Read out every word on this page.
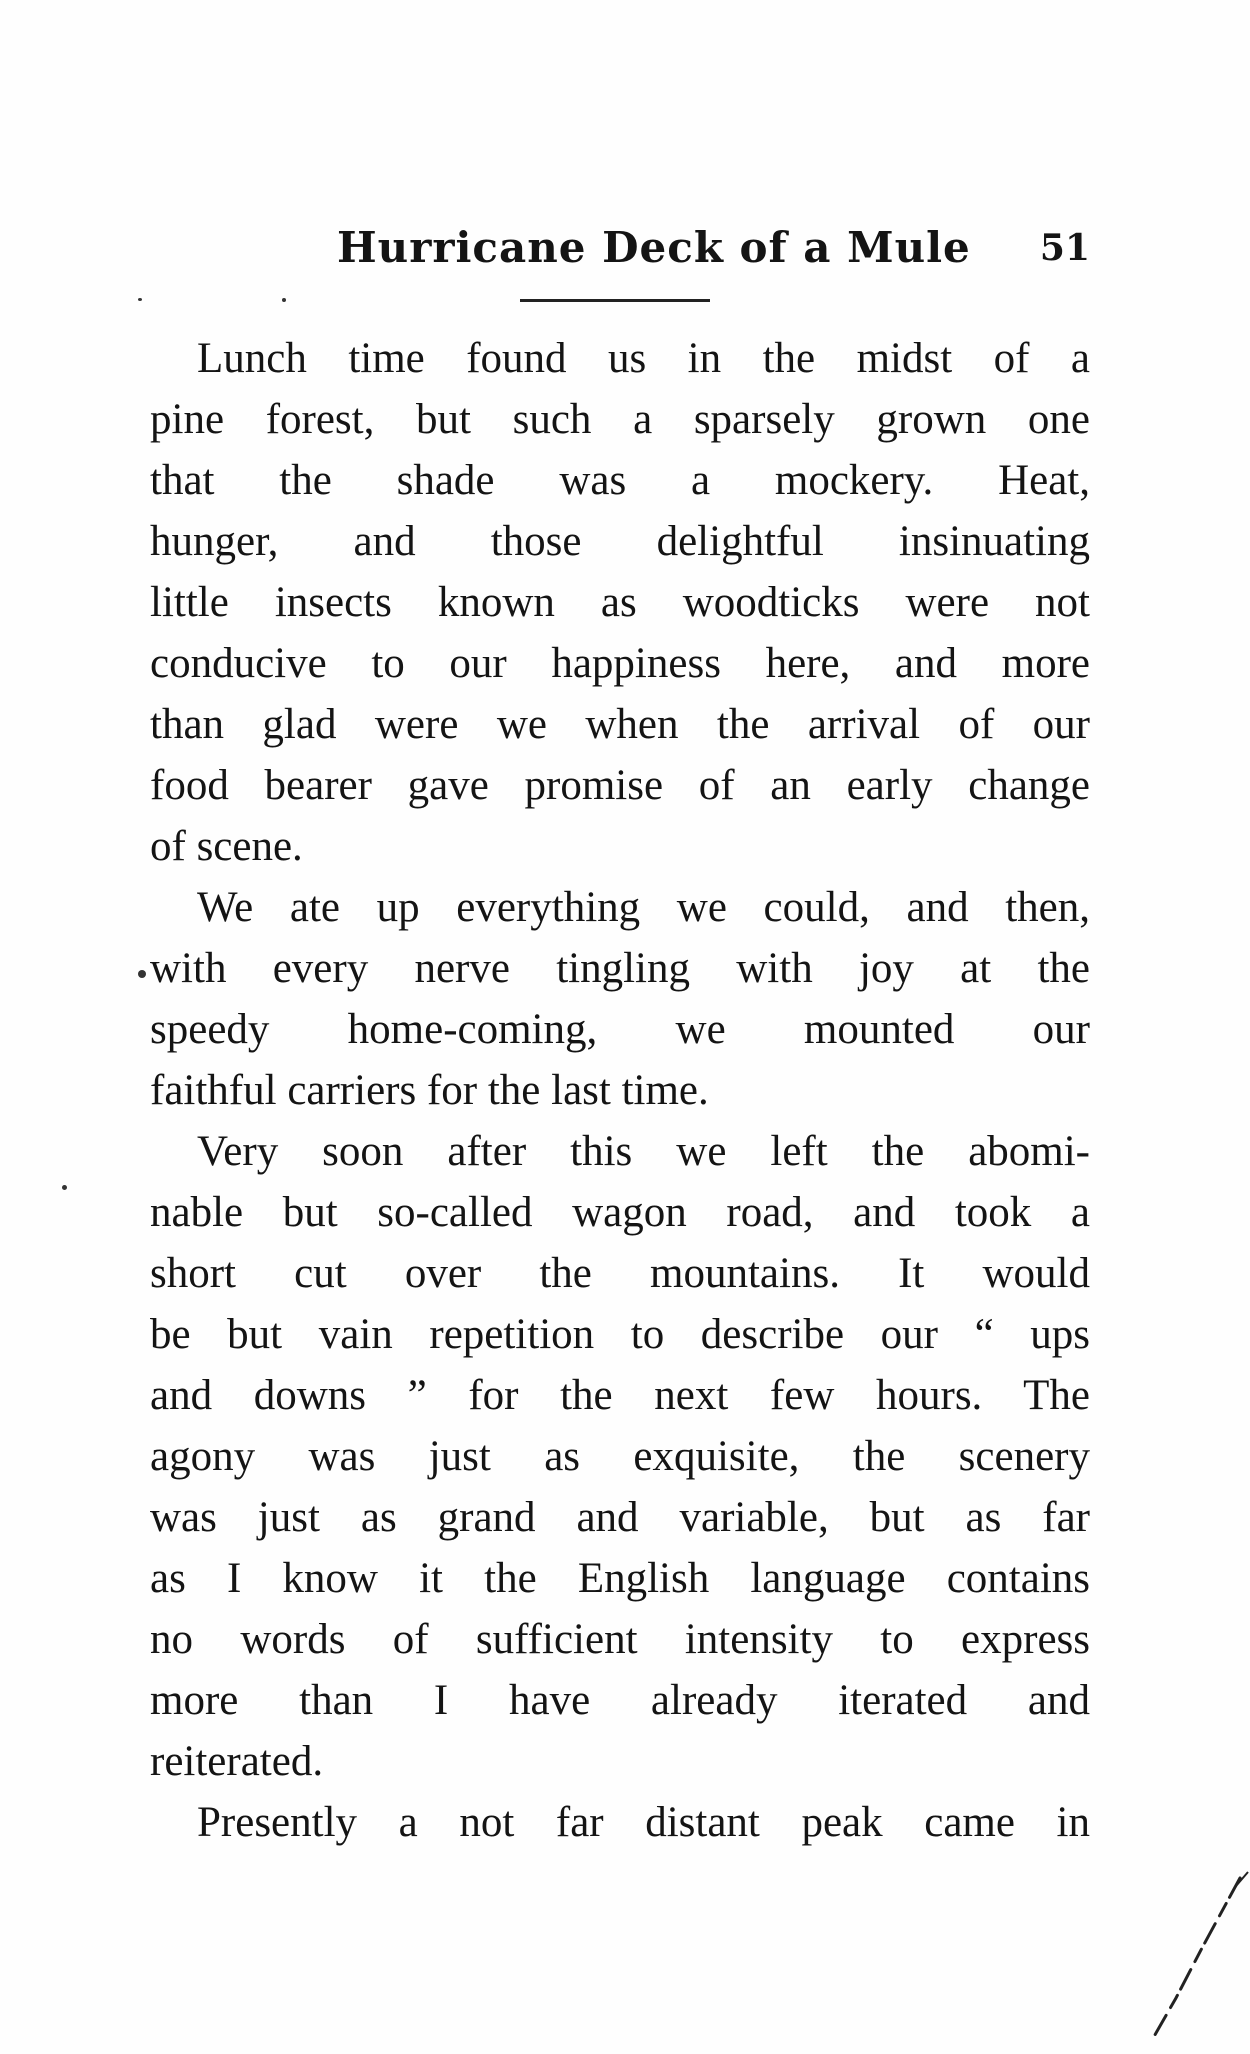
Hurricane Deck of a Mule 51
Lunch time found us in the midst of a
pine forest, but such a sparsely grown one
that the shade was a mockery. Heat,
hunger, and those delightful insinuating
little insects known as woodticks were not
conducive to our happiness here, and more
than glad were we when the arrival of our
food bearer gave promise of an early change
of scene.
We ate up everything we could, and then,
with every nerve tingling with joy at the
speedy home-coming, we mounted our
faithful carriers for the last time.
Very soon after this we left the abomi-
nable but so-called wagon road, and took a
short cut over the mountains. It would
be but vain repetition to describe our “ ups
and downs ” for the next few hours. The
agony was just as exquisite, the scenery
was just as grand and variable, but as far
as I know it the English language contains
no words of sufficient intensity to express
more than I have already iterated and
reiterated.
Presently a not far distant peak came in
